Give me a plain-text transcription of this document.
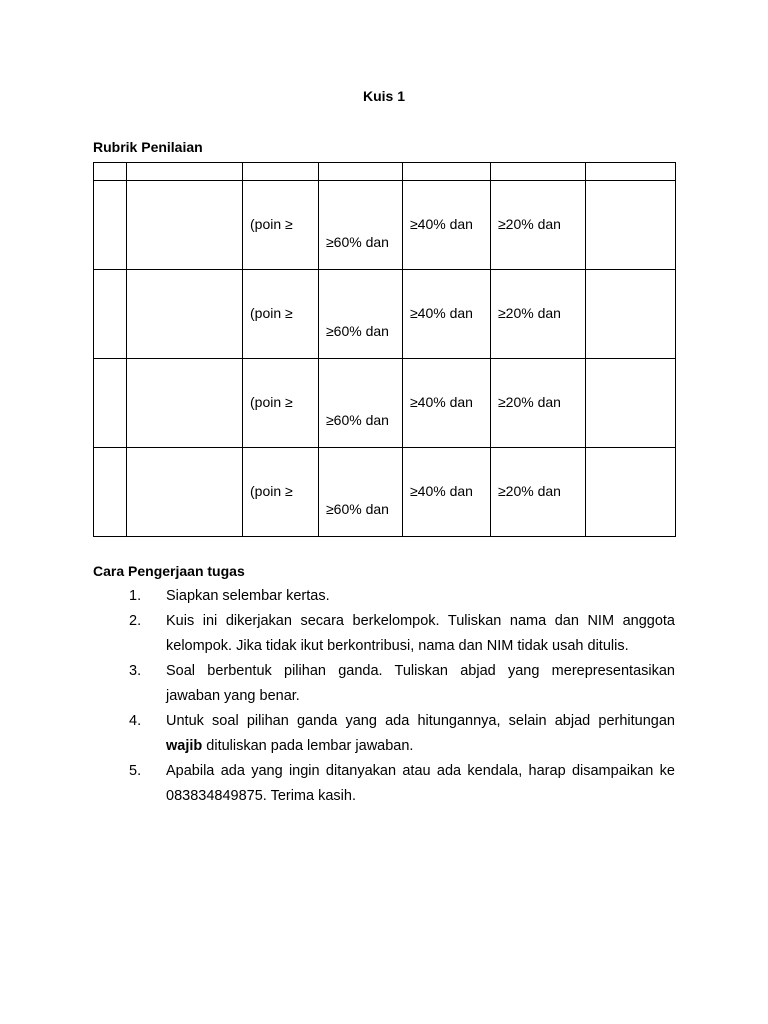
Kuis 1
Rubrik Penilaian

		(poin ≥	≥60% dan	≥40% dan	≥20% dan	

		(poin ≥	≥60% dan	≥40% dan	≥20% dan	

		(poin ≥	≥60% dan	≥40% dan	≥20% dan	

		(poin ≥	≥60% dan	≥40% dan	≥20% dan	

Cara Pengerjaan tugas
1. Siapkan selembar kertas.
2. Kuis ini dikerjakan secara berkelompok. Tuliskan nama dan NIM anggota kelompok. Jika tidak ikut berkontribusi, nama dan NIM tidak usah ditulis.
3. Soal berbentuk pilihan ganda. Tuliskan abjad yang merepresentasikan jawaban yang benar.
4. Untuk soal pilihan ganda yang ada hitungannya, selain abjad perhitungan wajib dituliskan pada lembar jawaban.
5. Apabila ada yang ingin ditanyakan atau ada kendala, harap disampaikan ke 083834849875. Terima kasih.
